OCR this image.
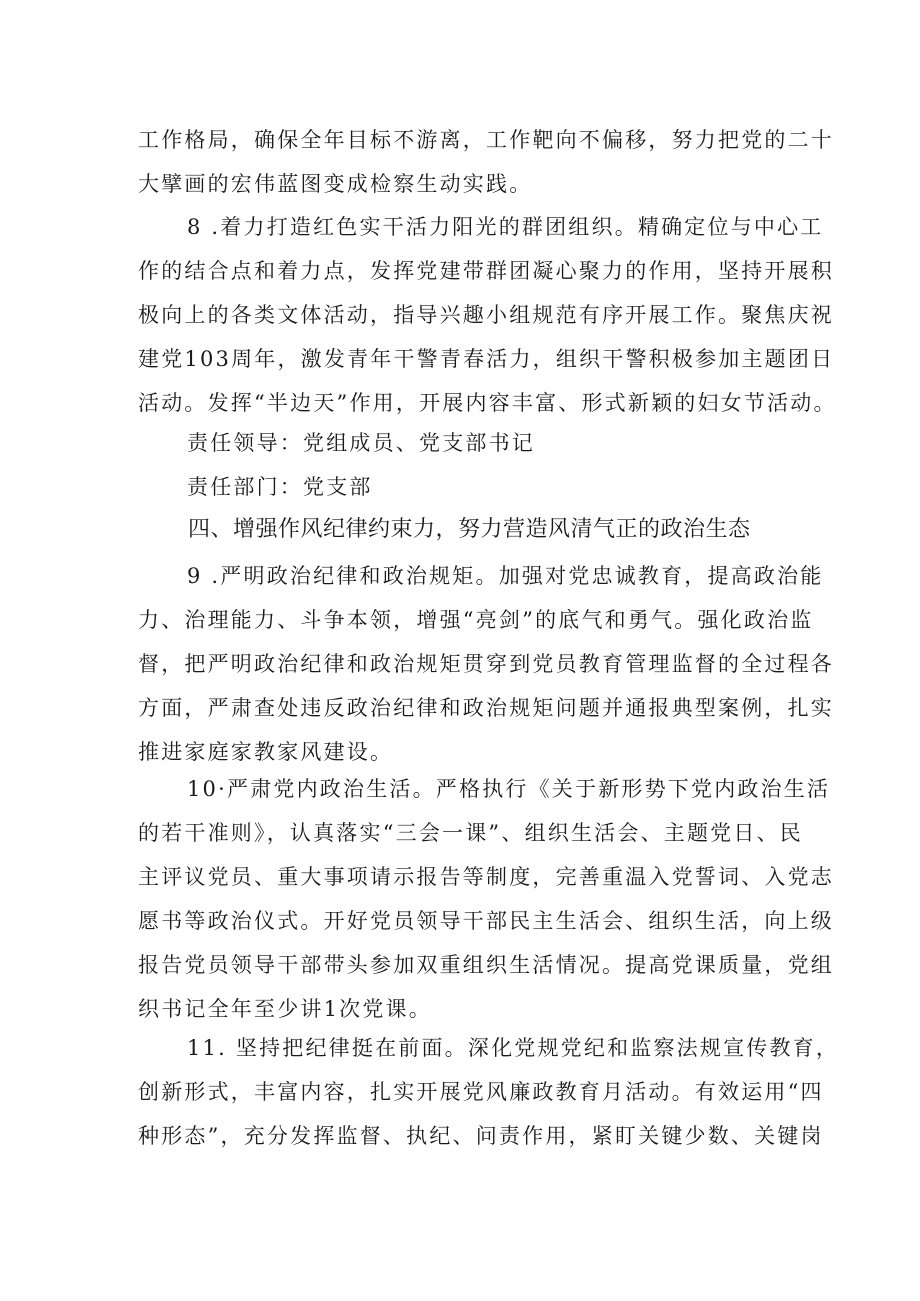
工作格局，确保全年目标不游离，工作靶向不偏移，努力把党的二十
大擘画的宏伟蓝图变成检察生动实践。
8 .着力打造红色实干活力阳光的群团组织。精确定位与中心工
作的结合点和着力点，发挥党建带群团凝心聚力的作用，坚持开展积
极向上的各类文体活动，指导兴趣小组规范有序开展工作。聚焦庆祝
建党103周年，激发青年干警青春活力，组织干警积极参加主题团日
活动。发挥“半边天”作用，开展内容丰富、形式新颖的妇女节活动。
责任领导：党组成员、党支部书记
责任部门：党支部
四、增强作风纪律约束力，努力营造风清气正的政治生态
9 .严明政治纪律和政治规矩。加强对党忠诚教育，提高政治能
力、治理能力、斗争本领，增强“亮剑”的底气和勇气。强化政治监
督，把严明政治纪律和政治规矩贯穿到党员教育管理监督的全过程各
方面，严肃查处违反政治纪律和政治规矩问题并通报典型案例，扎实
推进家庭家教家风建设。
10·严肃党内政治生活。严格执行《关于新形势下党内政治生活
的若干准则》，认真落实“三会一课”、组织生活会、主题党日、民
主评议党员、重大事项请示报告等制度，完善重温入党誓词、入党志
愿书等政治仪式。开好党员领导干部民主生活会、组织生活，向上级
报告党员领导干部带头参加双重组织生活情况。提高党课质量，党组
织书记全年至少讲1次党课。
11. 坚持把纪律挺在前面。深化党规党纪和监察法规宣传教育，
创新形式，丰富内容，扎实开展党风廉政教育月活动。有效运用“四
种形态”，充分发挥监督、执纪、问责作用，紧盯关键少数、关键岗
